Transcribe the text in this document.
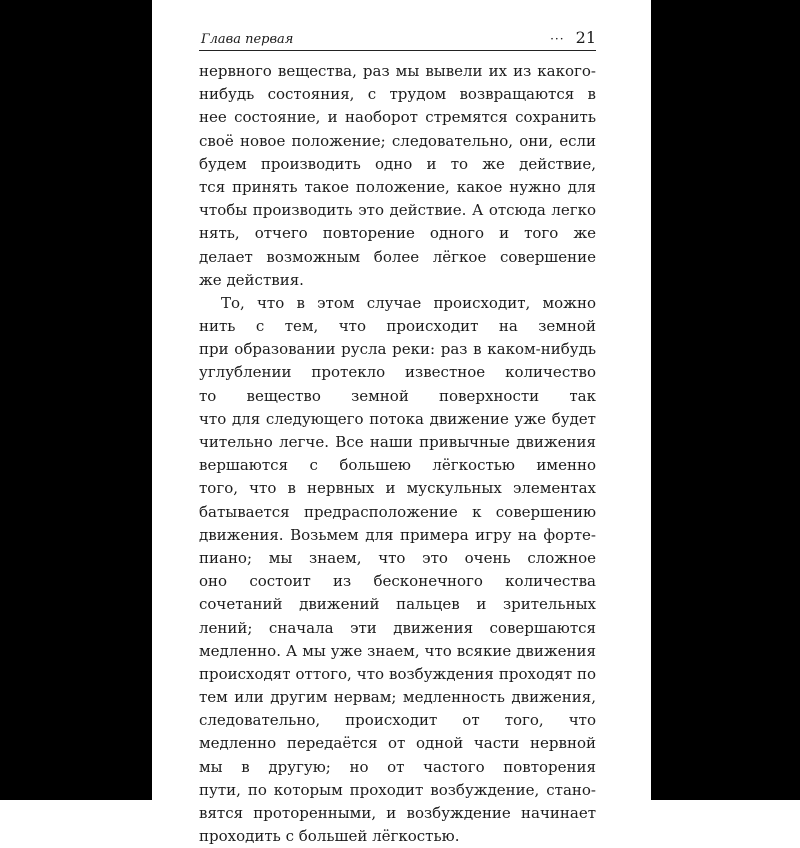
Глава первая	··· 21
нервного вещества, раз мы вывели их из какого-
нибудь состояния, с трудом возвращаются в
нее состояние, и наоборот стремятся сохранить
своё новое положение; следовательно, они, если
будем производить одно и то же действие,
тся принять такое положение, какое нужно для
чтобы производить это действие. А отсюда легко
нять, отчего повторение одного и того же
делает возможным более лёгкое совершение
же действия.
То, что в этом случае происходит, можно
нить с тем, что происходит на земной
при образовании русла реки: раз в каком-нибудь
углублении протекло известное количество
то вещество земной поверхности так
что для следующего потока движение уже будет
чительно легче. Все наши привычные движения
вершаются с большею лёгкостью именно
того, что в нервных и мускульных элементах
батывается предрасположение к совершению
движения. Возьмем для примера игру на форте-
пиано; мы знаем, что это очень сложное
оно состоит из бесконечного количества
сочетаний движений пальцев и зрительных
лений; сначала эти движения совершаются
медленно. А мы уже знаем, что всякие движения
происходят оттого, что возбуждения проходят по
тем или другим нервам; медленность движения,
следовательно, происходит от того, что
медленно передаётся от одной части нервной
мы в другую; но от частого повторения
пути, по которым проходит возбуждение, стано-
вятся проторенными, и возбуждение начинает
проходить с большей лёгкостью.
